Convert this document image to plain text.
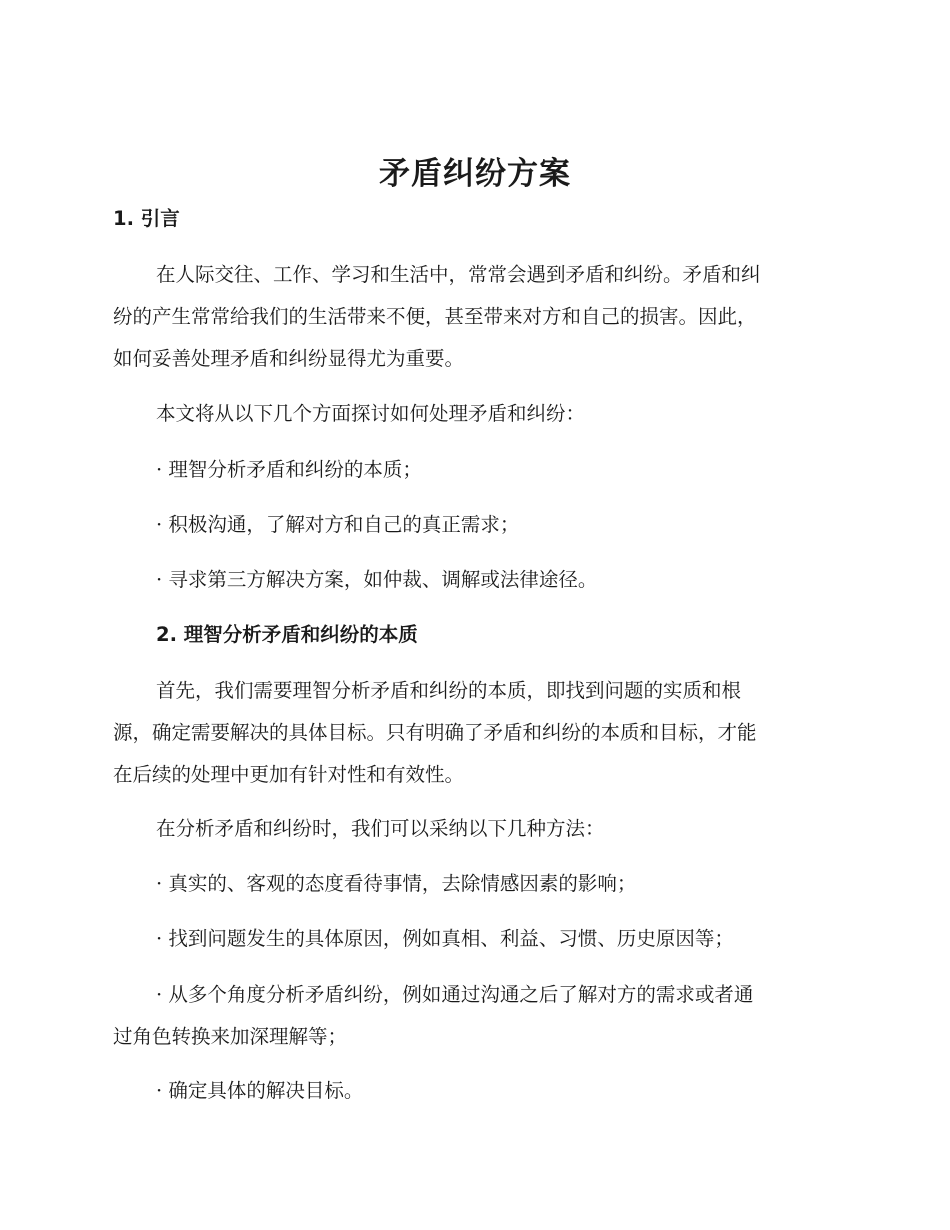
矛盾纠纷方案

1. 引言

在人际交往、工作、学习和生活中，常常会遇到矛盾和纠纷。矛盾和纠
纷的产生常常给我们的生活带来不便，甚至带来对方和自己的损害。因此，
如何妥善处理矛盾和纠纷显得尤为重要。

本文将从以下几个方面探讨如何处理矛盾和纠纷：

· 理智分析矛盾和纠纷的本质；

· 积极沟通，了解对方和自己的真正需求；

· 寻求第三方解决方案，如仲裁、调解或法律途径。

2. 理智分析矛盾和纠纷的本质

首先，我们需要理智分析矛盾和纠纷的本质，即找到问题的实质和根
源，确定需要解决的具体目标。只有明确了矛盾和纠纷的本质和目标，才能
在后续的处理中更加有针对性和有效性。

在分析矛盾和纠纷时，我们可以采纳以下几种方法：

· 真实的、客观的态度看待事情，去除情感因素的影响；

· 找到问题发生的具体原因，例如真相、利益、习惯、历史原因等；

· 从多个角度分析矛盾纠纷，例如通过沟通之后了解对方的需求或者通
过角色转换来加深理解等；

· 确定具体的解决目标。
